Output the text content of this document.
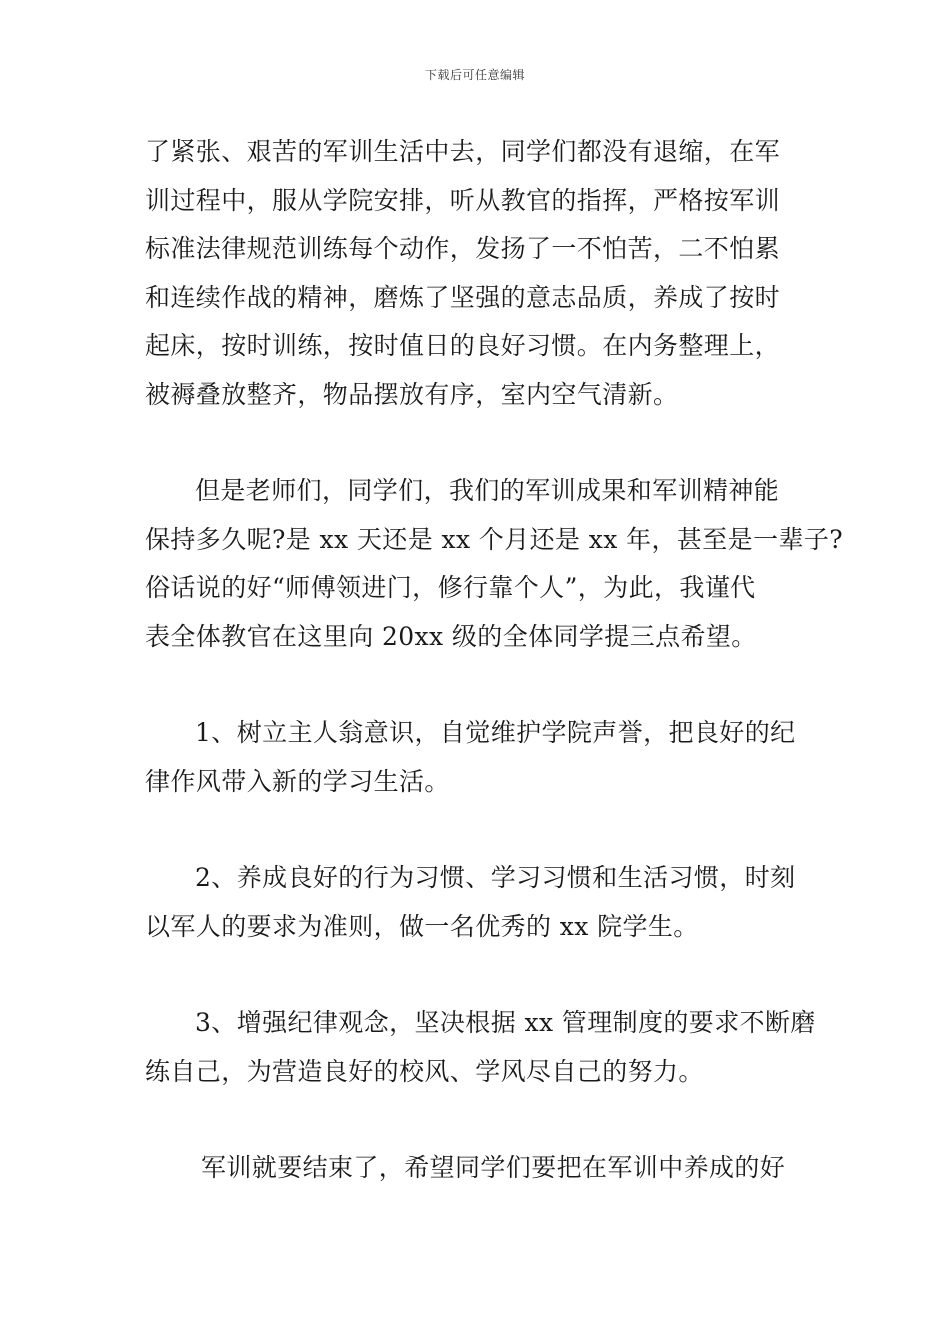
下载后可任意编辑

了紧张、艰苦的军训生活中去，同学们都没有退缩，在军
训过程中，服从学院安排，听从教官的指挥，严格按军训
标准法律规范训练每个动作，发扬了一不怕苦，二不怕累
和连续作战的精神，磨炼了坚强的意志品质，养成了按时
起床，按时训练，按时值日的良好习惯。在内务整理上，
被褥叠放整齐，物品摆放有序，室内空气清新。

但是老师们，同学们，我们的军训成果和军训精神能
保持多久呢?是 xx 天还是 xx 个月还是 xx 年，甚至是一辈子?
俗话说的好“师傅领进门，修行靠个人”，为此，我谨代
表全体教官在这里向 20xx 级的全体同学提三点希望。

1、树立主人翁意识，自觉维护学院声誉，把良好的纪
律作风带入新的学习生活。

2、养成良好的行为习惯、学习习惯和生活习惯，时刻
以军人的要求为准则，做一名优秀的 xx 院学生。

3、增强纪律观念，坚决根据 xx 管理制度的要求不断磨
练自己，为营造良好的校风、学风尽自己的努力。

军训就要结束了，希望同学们要把在军训中养成的好
